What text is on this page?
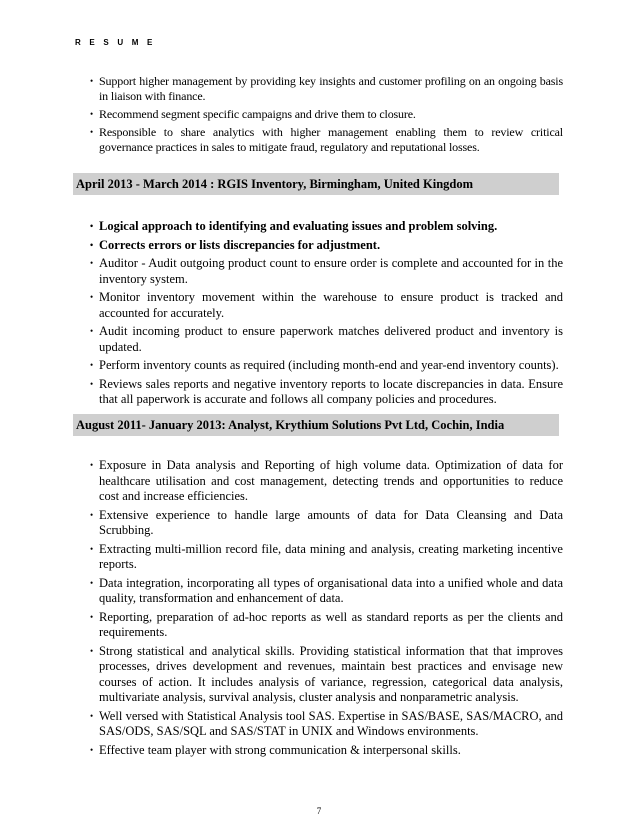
R E S U M E
• Support higher management by providing key insights and customer profiling on an ongoing basis in liaison with finance.
• Recommend segment specific campaigns and drive them to closure.
• Responsible to share analytics with higher management enabling them to review critical governance practices in sales to mitigate fraud, regulatory and reputational losses.
April 2013 - March 2014 : RGIS Inventory, Birmingham, United Kingdom
• Logical approach to identifying and evaluating issues and problem solving.
• Corrects errors or lists discrepancies for adjustment.
• Auditor - Audit outgoing product count to ensure order is complete and accounted for in the inventory system.
• Monitor inventory movement within the warehouse to ensure product is tracked and accounted for accurately.
• Audit incoming product to ensure paperwork matches delivered product and inventory is updated.
• Perform inventory counts as required (including month-end and year-end inventory counts).
• Reviews sales reports and negative inventory reports to locate discrepancies in data. Ensure that all paperwork is accurate and follows all company policies and procedures.
August 2011- January 2013: Analyst, Krythium Solutions Pvt Ltd, Cochin, India
• Exposure in Data analysis and Reporting of high volume data. Optimization of data for healthcare utilisation and cost management, detecting trends and opportunities to reduce cost and increase efficiencies.
• Extensive experience to handle large amounts of data for Data Cleansing and Data Scrubbing.
• Extracting multi-million record file, data mining and analysis, creating marketing incentive reports.
• Data integration, incorporating all types of organisational data into a unified whole and data quality, transformation and enhancement of data.
• Reporting, preparation of ad-hoc reports as well as standard reports as per the clients and requirements.
• Strong statistical and analytical skills. Providing statistical information that that improves processes, drives development and revenues, maintain best practices and envisage new courses of action. It includes analysis of variance, regression, categorical data analysis, multivariate analysis, survival analysis, cluster analysis and nonparametric analysis.
• Well versed with Statistical Analysis tool SAS. Expertise in SAS/BASE, SAS/MACRO, and SAS/ODS, SAS/SQL and SAS/STAT in UNIX and Windows environments.
• Effective team player with strong communication & interpersonal skills.
7
